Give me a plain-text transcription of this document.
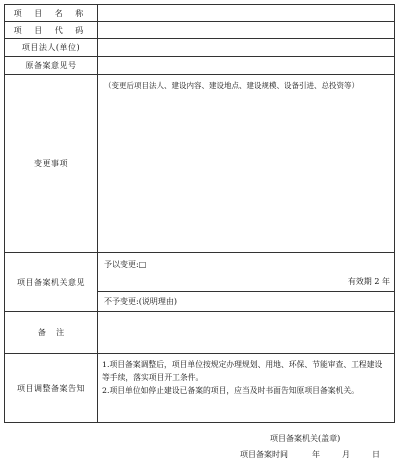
项 目 名 称	
项 目 代 码	
项目法人(单位)	
原备案意见号	
变更事项	（变更后项目法人、建设内容、建设地点、建设规模、设备引进、总投资等）

项目备案机关意见	予以变更:□
有效期 2 年
不予变更:(说明理由)

备    注	
项目调整备案告知	1.项目备案调整后，项目单位按规定办理规划、用地、环保、节能审查、工程建设等手续，落实项目开工条件。

2.项目单位如停止建设已备案的项目，应当及时书面告知原项目备案机关。

项目备案机关(盖章)
项目备案时间	年	月	日
